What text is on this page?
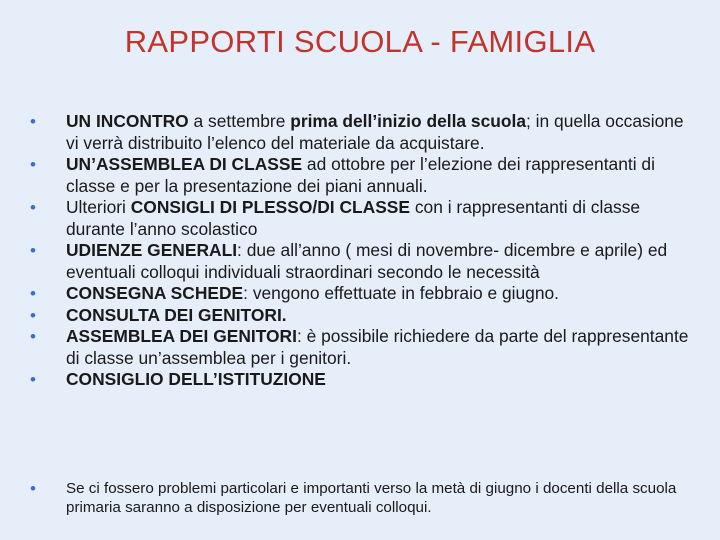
RAPPORTI SCUOLA - FAMIGLIA
• UN INCONTRO a settembre prima dell’inizio della scuola; in quella occasione vi verrà distribuito l’elenco del materiale da acquistare.
• UN’ASSEMBLEA DI CLASSE ad ottobre per l’elezione dei rappresentanti di classe e per la presentazione dei piani annuali.
• Ulteriori CONSIGLI DI PLESSO/DI CLASSE con i rappresentanti di classe durante l’anno scolastico
• UDIENZE GENERALI: due all’anno ( mesi di novembre- dicembre e aprile) ed eventuali colloqui individuali straordinari secondo le necessità
• CONSEGNA SCHEDE: vengono effettuate in febbraio e giugno.
• CONSULTA DEI GENITORI.
• ASSEMBLEA DEI GENITORI: è possibile richiedere da parte del rappresentante di classe un’assemblea per i genitori.
• CONSIGLIO DELL’ISTITUZIONE
• Se ci fossero problemi particolari e importanti verso la metà di giugno i docenti della scuola primaria saranno a disposizione per eventuali colloqui.
